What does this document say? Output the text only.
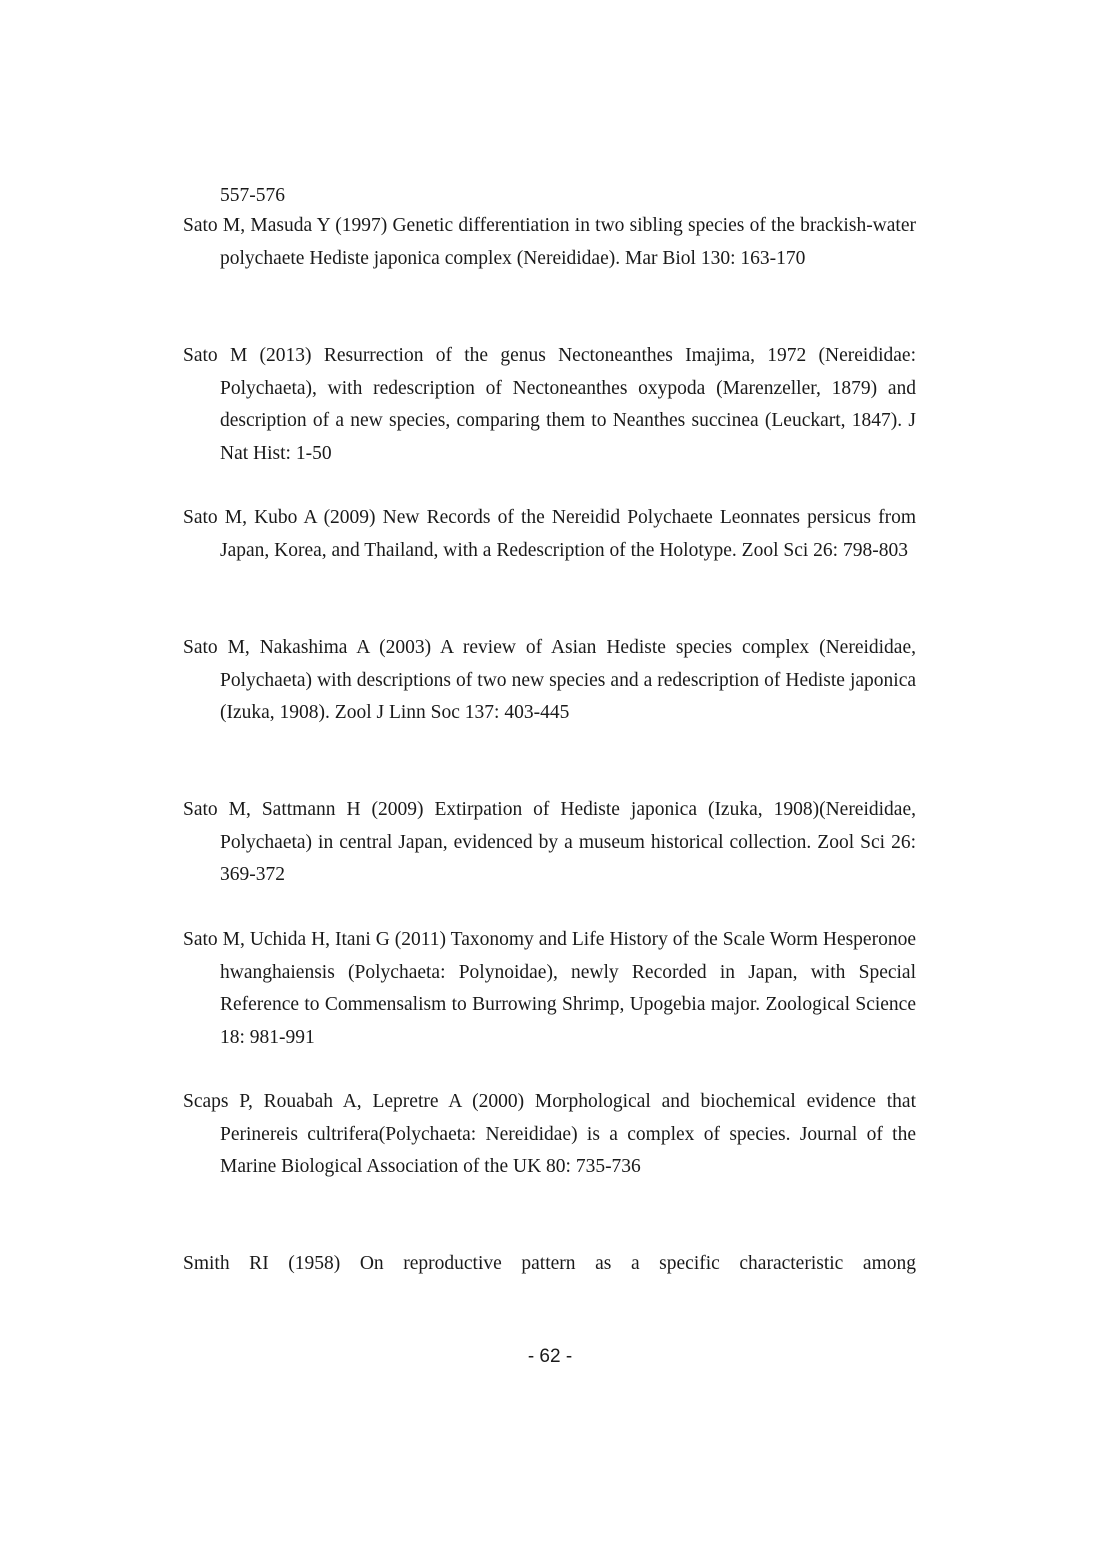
557-576

Sato M, Masuda Y (1997) Genetic differentiation in two sibling species of the brackish-water polychaete Hediste japonica complex (Nereididae). Mar Biol 130: 163-170

Sato M (2013) Resurrection of the genus Nectoneanthes Imajima, 1972 (Nereididae: Polychaeta), with redescription of Nectoneanthes oxypoda (Marenzeller, 1879) and description of a new species, comparing them to Neanthes succinea (Leuckart, 1847). J Nat Hist: 1-50

Sato M, Kubo A (2009) New Records of the Nereidid Polychaete Leonnates persicus from Japan, Korea, and Thailand, with a Redescription of the Holotype. Zool Sci 26: 798-803

Sato M, Nakashima A (2003) A review of Asian Hediste species complex (Nereididae, Polychaeta) with descriptions of two new species and a redescription of Hediste japonica (Izuka, 1908). Zool J Linn Soc 137: 403-445

Sato M, Sattmann H (2009) Extirpation of Hediste japonica (Izuka, 1908)(Nereididae, Polychaeta) in central Japan, evidenced by a museum historical collection. Zool Sci 26: 369-372

Sato M, Uchida H, Itani G (2011) Taxonomy and Life History of the Scale Worm Hesperonoe hwanghaiensis (Polychaeta: Polynoidae), newly Recorded in Japan, with Special Reference to Commensalism to Burrowing Shrimp, Upogebia major. Zoological Science 18: 981-991

Scaps P, Rouabah A, Lepretre A (2000) Morphological and biochemical evidence that Perinereis cultrifera(Polychaeta: Nereididae) is a complex of species. Journal of the Marine Biological Association of the UK 80: 735-736

Smith RI (1958) On reproductive pattern as a specific characteristic among

- 62 -
